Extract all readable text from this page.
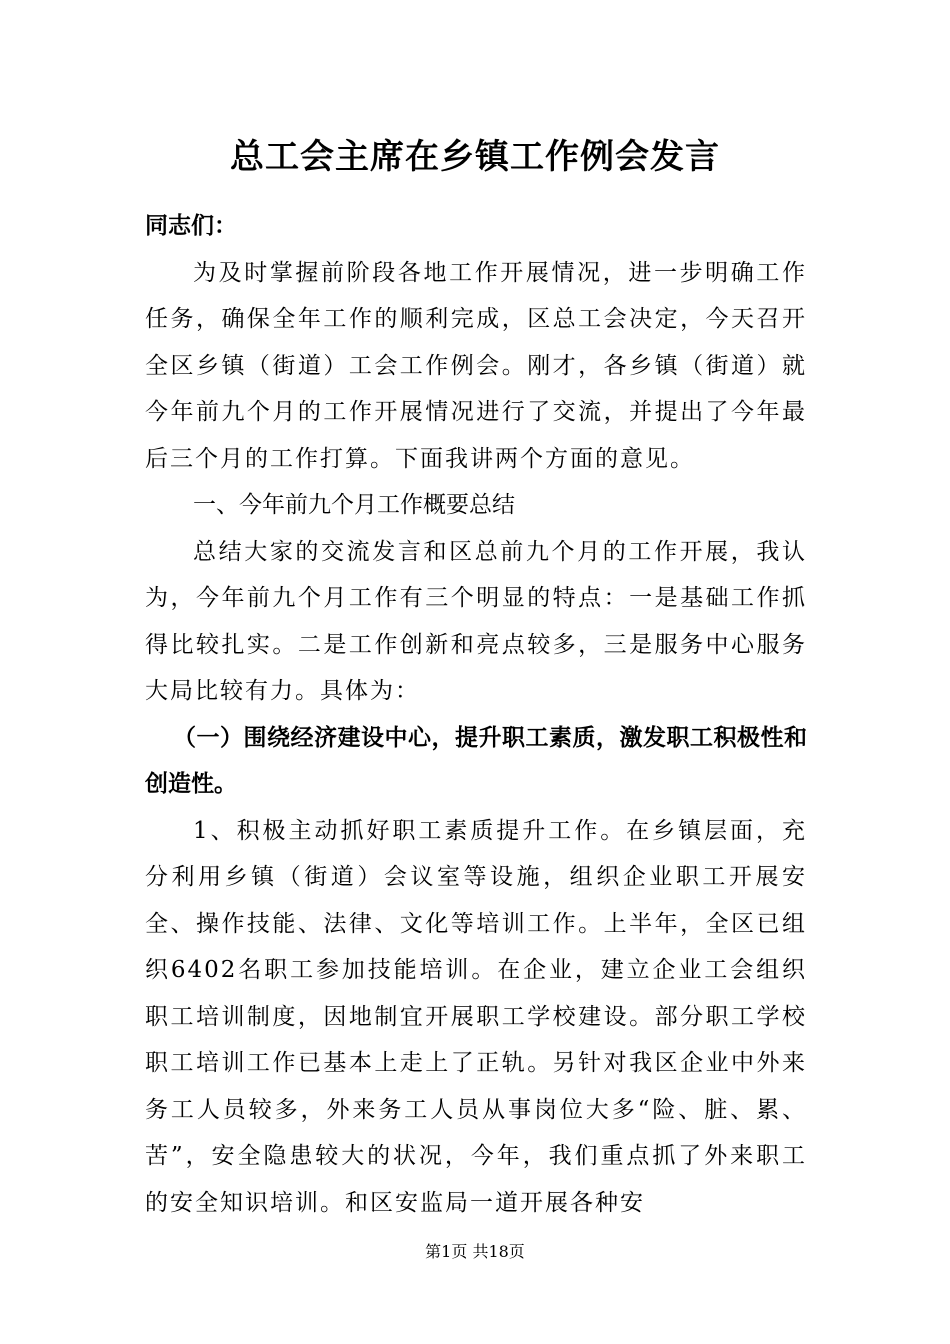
总工会主席在乡镇工作例会发言

同志们：

为及时掌握前阶段各地工作开展情况，进一步明确工作任务，确保全年工作的顺利完成，区总工会决定，今天召开全区乡镇（街道）工会工作例会。刚才，各乡镇（街道）就今年前九个月的工作开展情况进行了交流，并提出了今年最后三个月的工作打算。下面我讲两个方面的意见。

一、今年前九个月工作概要总结

总结大家的交流发言和区总前九个月的工作开展，我认为，今年前九个月工作有三个明显的特点：一是基础工作抓得比较扎实。二是工作创新和亮点较多，三是服务中心服务大局比较有力。具体为：

（一）围绕经济建设中心，提升职工素质，激发职工积极性和创造性。

1、积极主动抓好职工素质提升工作。在乡镇层面，充分利用乡镇（街道）会议室等设施，组织企业职工开展安全、操作技能、法律、文化等培训工作。上半年，全区已组织6402名职工参加技能培训。在企业，建立企业工会组织职工培训制度，因地制宜开展职工学校建设。部分职工学校职工培训工作已基本上走上了正轨。另针对我区企业中外来务工人员较多，外来务工人员从事岗位大多“险、脏、累、苦”，安全隐患较大的状况，今年，我们重点抓了外来职工的安全知识培训。和区安监局一道开展各种安

第1页 共18页
